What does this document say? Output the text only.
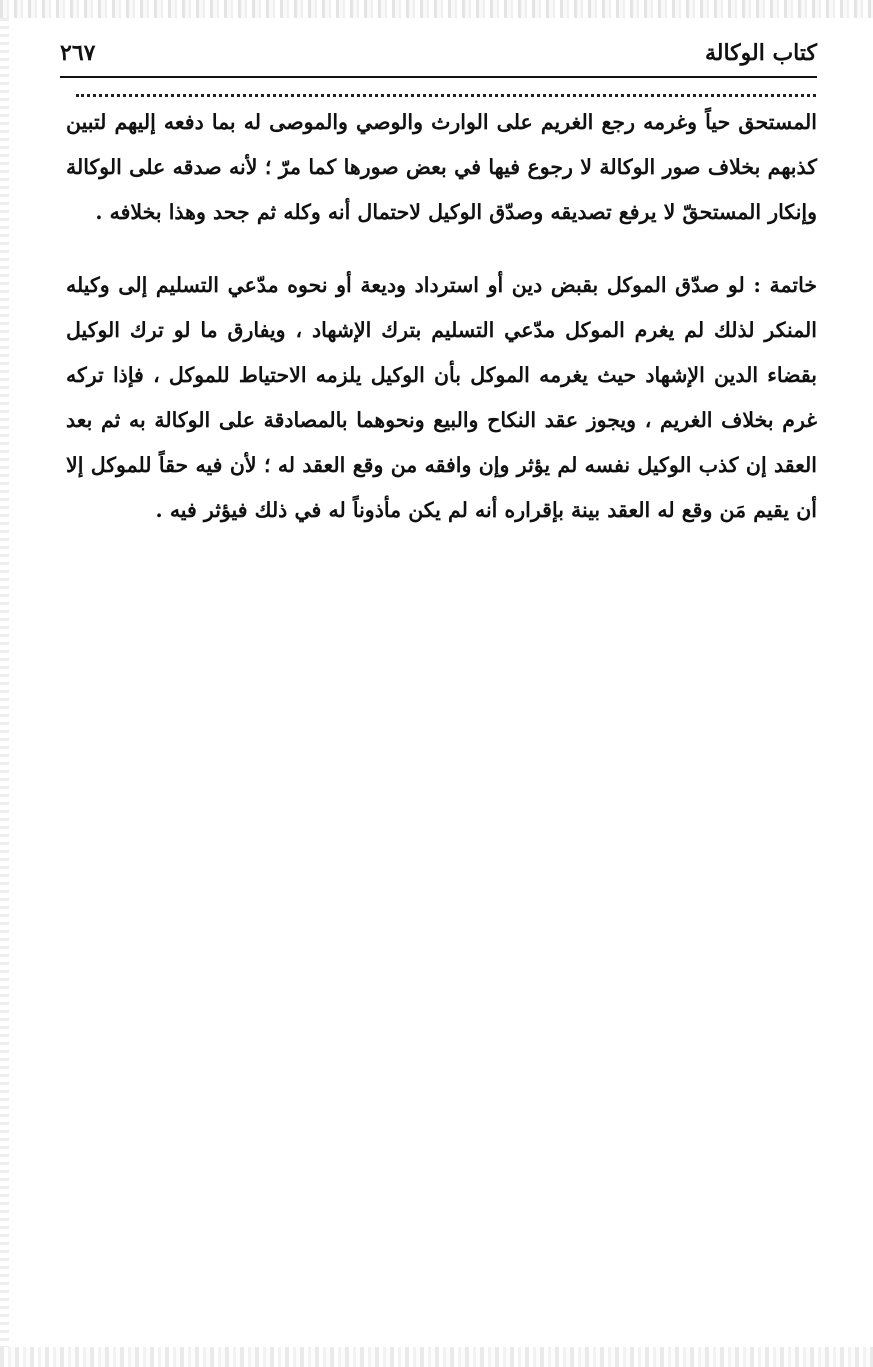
كتاب الوكالة
٢٦٧

المستحق حياً وغرمه رجع الغريم على الوارث والوصي والموصى له بما دفعه إليهم لتبين كذبهم بخلاف صور الوكالة لا رجوع فيها في بعض صورها كما مرّ ؛ لأنه صدقه على الوكالة وإنكار المستحقّ لا يرفع تصديقه وصدّق الوكيل لاحتمال أنه وكله ثم جحد وهذا بخلافه .

خاتمة : لو صدّق الموكل بقبض دين أو استرداد وديعة أو نحوه مدّعي التسليم إلى وكيله المنكر لذلك لم يغرم الموكل مدّعي التسليم بترك الإشهاد ، ويفارق ما لو ترك الوكيل بقضاء الدين الإشهاد حيث يغرمه الموكل بأن الوكيل يلزمه الاحتياط للموكل ، فإذا تركه غرم بخلاف الغريم ، ويجوز عقد النكاح والبيع ونحوهما بالمصادقة على الوكالة به ثم بعد العقد إن كذب الوكيل نفسه لم يؤثر وإن وافقه من وقع العقد له ؛ لأن فيه حقاً للموكل إلا أن يقيم مَن وقع له العقد بينة بإقراره أنه لم يكن مأذوناً له في ذلك فيؤثر فيه .
